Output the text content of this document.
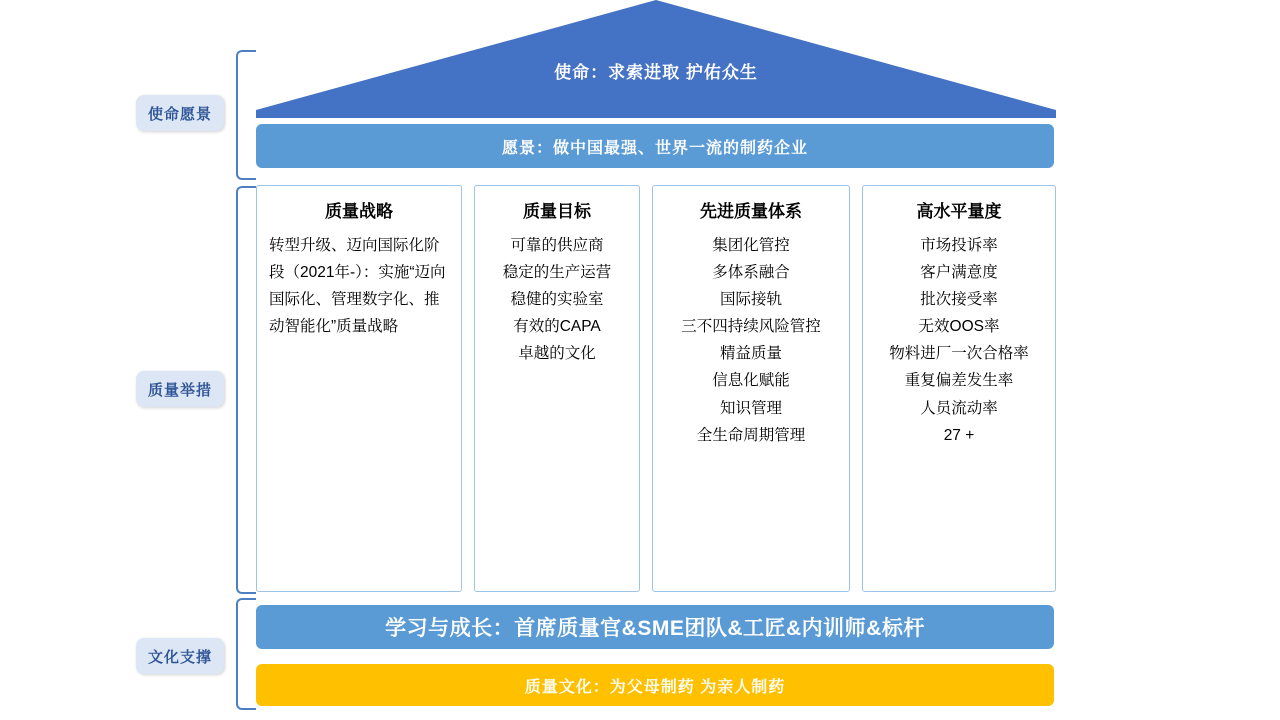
使命愿景
质量举措
文化支撑
使命：求索进取 护佑众生
愿景：做中国最强、世界一流的制药企业
质量战略
转型升级、迈向国际化阶段（2021年-）：实施“迈向国际化、管理数字化、推动智能化”质量战略
质量目标
可靠的供应商
稳定的生产运营
稳健的实验室
有效的CAPA
卓越的文化
先进质量体系
集团化管控
多体系融合
国际接轨
三不四持续风险管控
精益质量
信息化赋能
知识管理
全生命周期管理
高水平量度
市场投诉率
客户满意度
批次接受率
无效OOS率
物料进厂一次合格率
重复偏差发生率
人员流动率
27 +
学习与成长：首席质量官&SME团队&工匠&内训师&标杆
质量文化：为父母制药 为亲人制药
